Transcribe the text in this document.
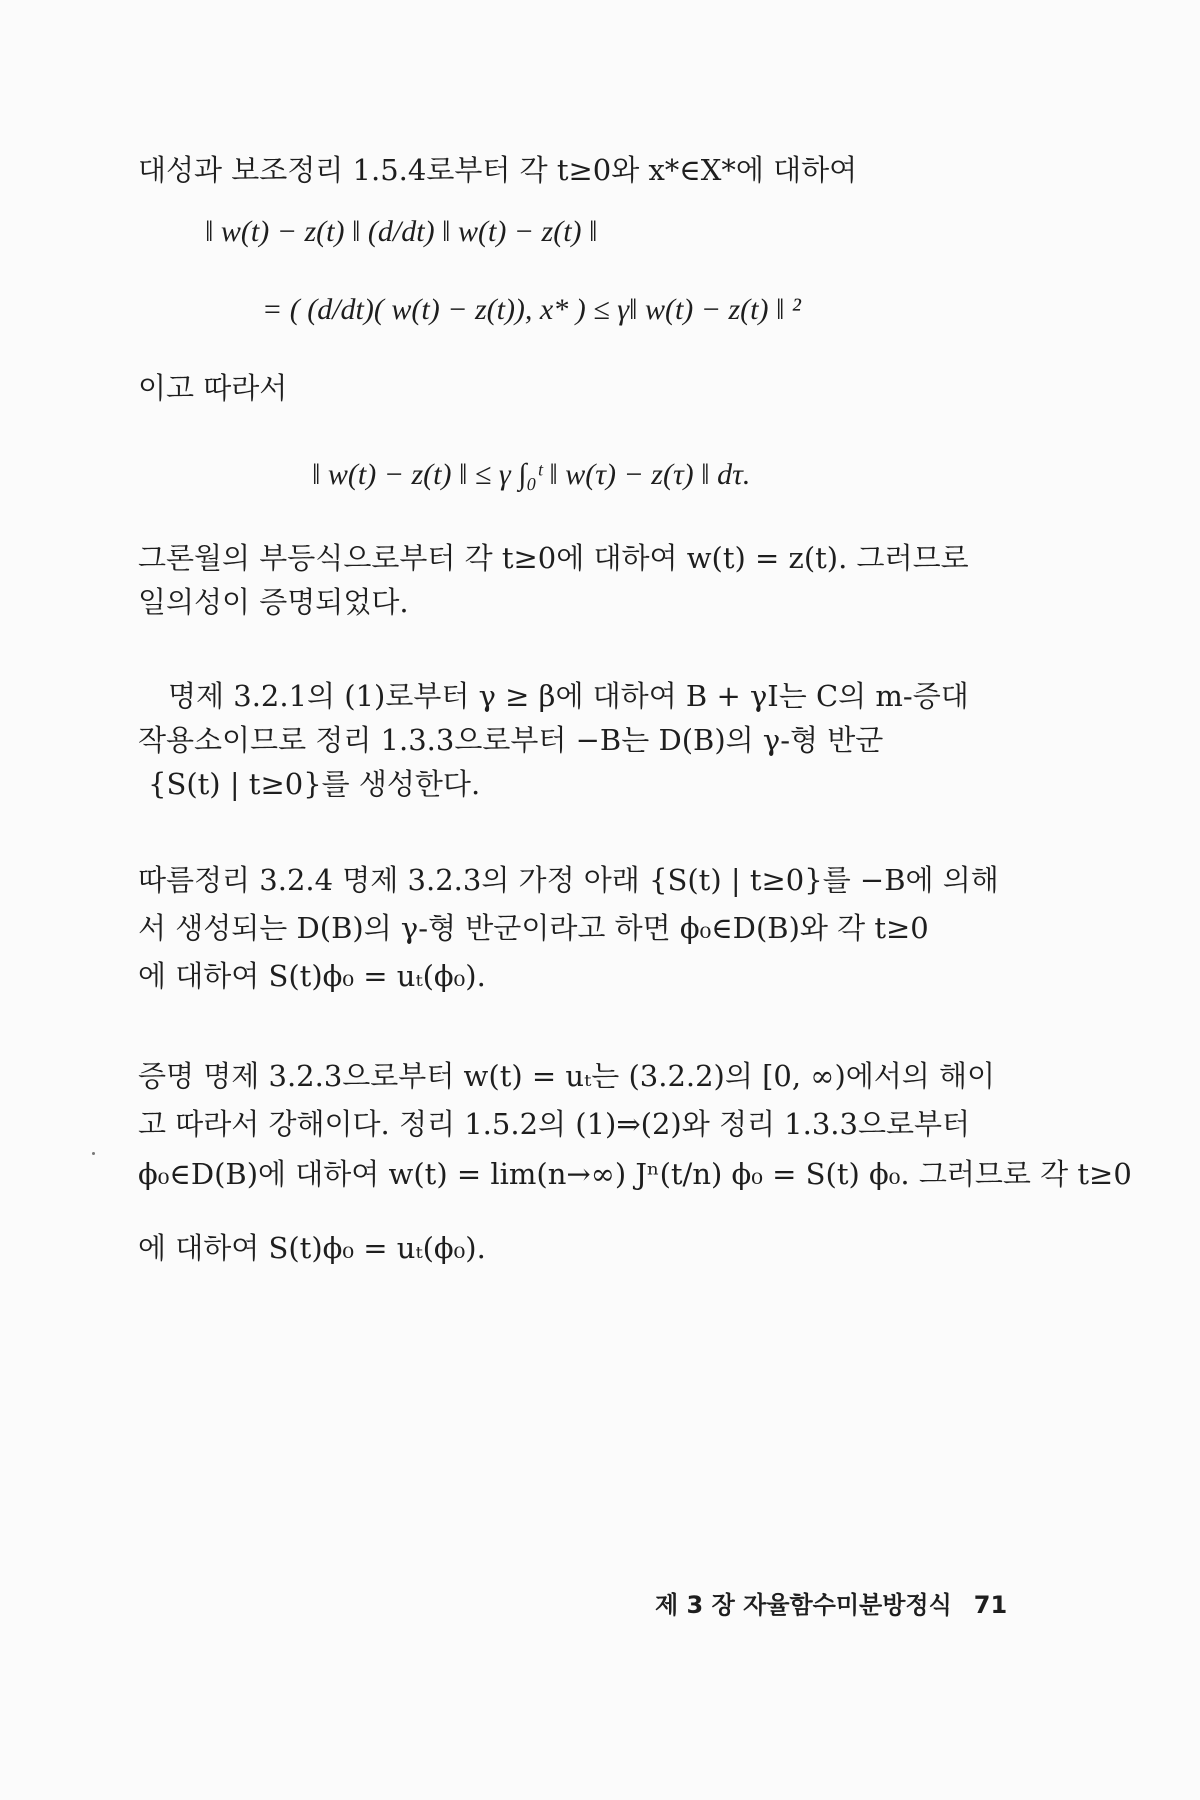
대성과 보조정리 1.5.4로부터 각 t≥0와 x*∈X*에 대하여
‖ w(t) − z(t) ‖ (d/dt) ‖ w(t) − z(t) ‖
= ( (d/dt)( w(t) − z(t)), x* ) ≤ γ‖ w(t) − z(t) ‖ ²
이고 따라서
‖ w(t) − z(t) ‖ ≤ γ ∫₀ᵗ ‖ w(τ) − z(τ) ‖ dτ.
그론월의 부등식으로부터 각 t≥0에 대하여 w(t) = z(t). 그러므로
일의성이 증명되었다.
명제 3.2.1의 (1)로부터 γ ≥ β에 대하여 B + γI는 C의 m-증대
작용소이므로 정리 1.3.3으로부터 −B는 D(B)의 γ-형 반군
{S(t) | t≥0}를 생성한다.
따름정리 3.2.4 명제 3.2.3의 가정 아래 {S(t) | t≥0}를 −B에 의해
서 생성되는 D(B)의 γ-형 반군이라고 하면 ϕ₀∈D(B)와 각 t≥0
에 대하여 S(t)ϕ₀ = uₜ(ϕ₀).
증명 명제 3.2.3으로부터 w(t) = uₜ는 (3.2.2)의 [0, ∞)에서의 해이
고 따라서 강해이다. 정리 1.5.2의 (1)⇒(2)와 정리 1.3.3으로부터
ϕ₀∈D(B)에 대하여 w(t) = lim(n→∞) Jⁿ(t/n) ϕ₀ = S(t) ϕ₀. 그러므로 각 t≥0
에 대하여 S(t)ϕ₀ = uₜ(ϕ₀).
제 3 장 자율함수미분방정식 71
